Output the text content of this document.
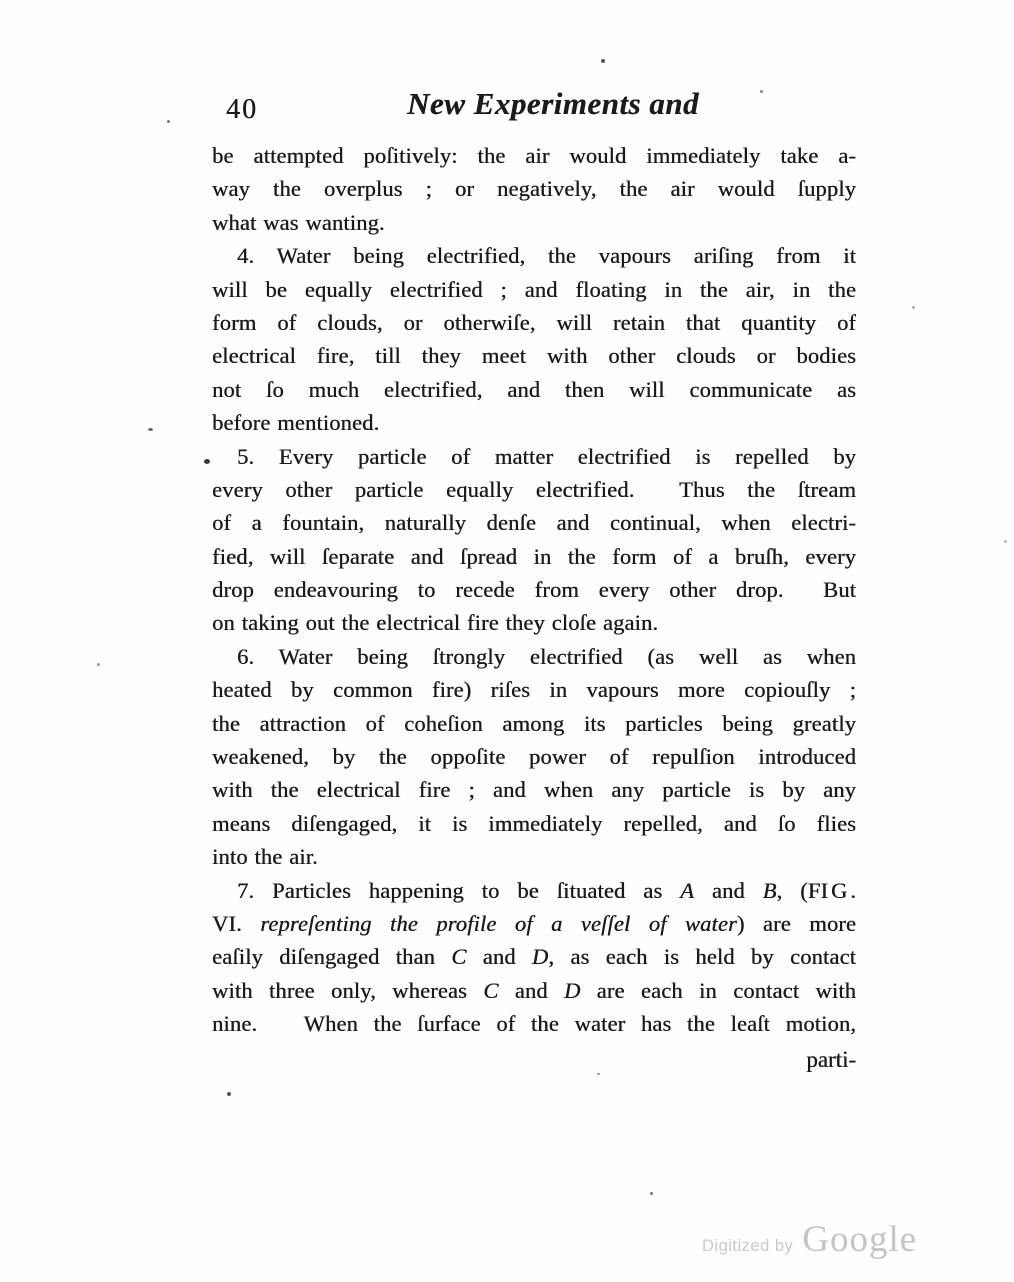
40	New Experiments and
be attempted poſitively: the air would immediately take a-
way the overplus ; or negatively, the air would ſupply
what was wanting.
4. Water being electrified, the vapours ariſing from it
will be equally electrified ; and floating in the air, in the
form of clouds, or otherwiſe, will retain that quantity of
electrical fire, till they meet with other clouds or bodies
not ſo much electrified, and then will communicate as
before mentioned.
5. Every particle of matter electrified is repelled by
every other particle equally electrified.  Thus the ſtream
of a fountain, naturally denſe and continual, when electri-
fied, will ſeparate and ſpread in the form of a bruſh, every
drop endeavouring to recede from every other drop.  But
on taking out the electrical fire they cloſe again.
6. Water being ſtrongly electrified (as well as when
heated by common fire) riſes in vapours more copiouſly ;
the attraction of coheſion among its particles being greatly
weakened, by the oppoſite power of repulſion introduced
with the electrical fire ; and when any particle is by any
means diſengaged, it is immediately repelled, and ſo flies
into the air.
7. Particles happening to be ſituated as A and B, (FIG.
VI. repreſenting the profile of a veſſel of water) are more
eaſily diſengaged than C and D, as each is held by contact
with three only, whereas C and D are each in contact with
nine.   When the ſurface of the water has the leaſt motion,
parti-
Digitized by Google
